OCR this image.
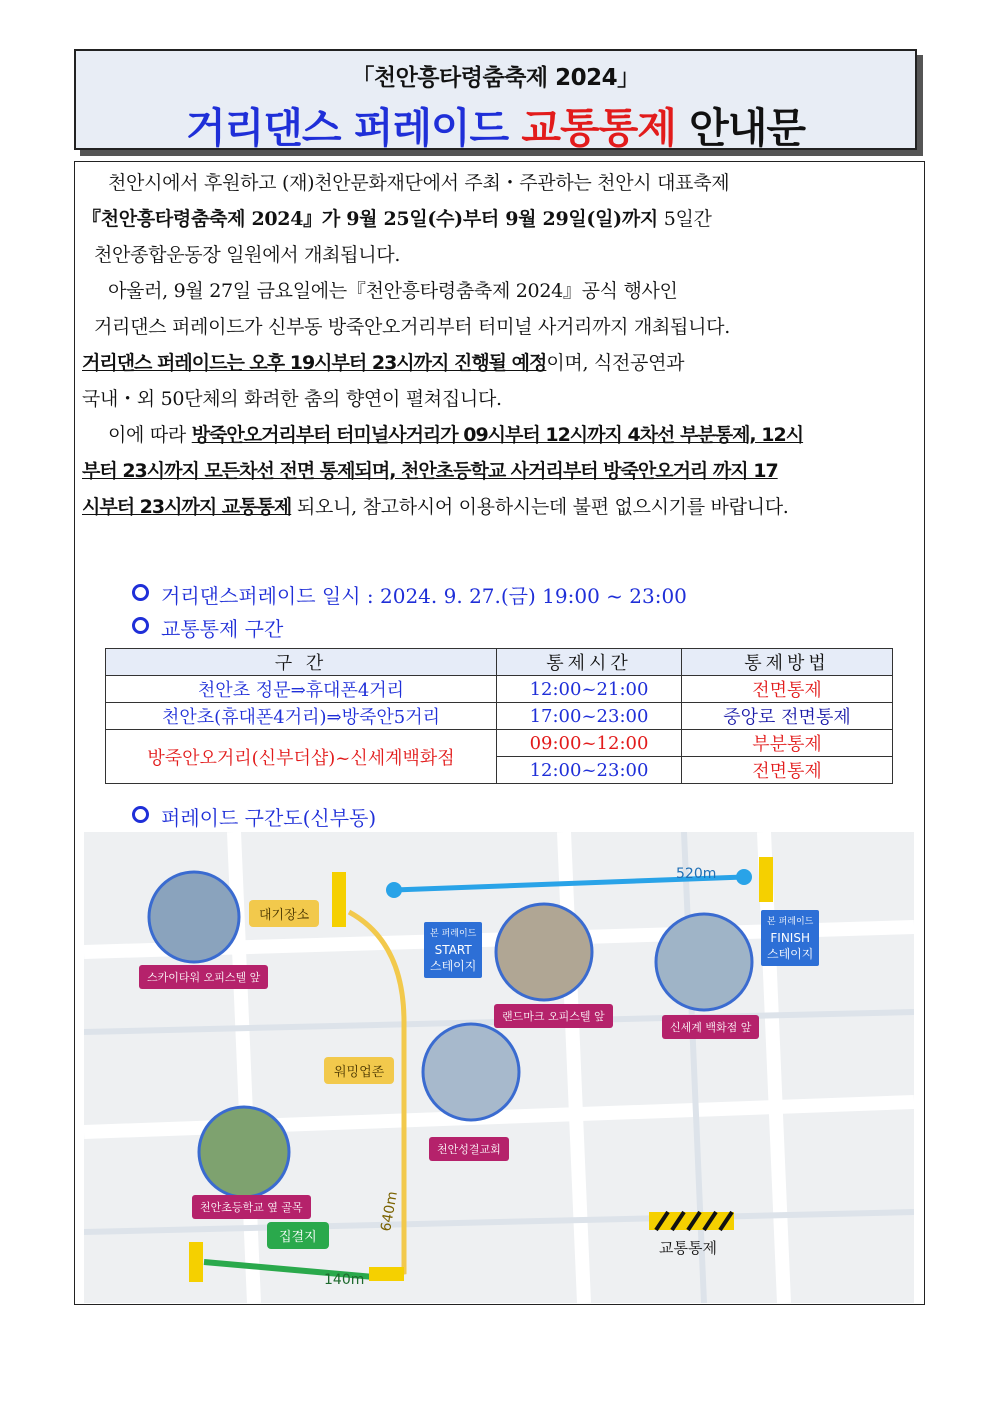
「천안흥타령춤축제 2024」
거리댄스 퍼레이드 교통통제 안내문
천안시에서 후원하고 (재)천안문화재단에서 주최・주관하는 천안시 대표축제
『천안흥타령춤축제 2024』가 9월 25일(수)부터 9월 29일(일)까지 5일간
천안종합운동장 일원에서 개최됩니다.
아울러, 9월 27일 금요일에는『천안흥타령춤축제 2024』공식 행사인
거리댄스 퍼레이드가 신부동 방죽안오거리부터 터미널 사거리까지 개최됩니다.
거리댄스 퍼레이드는 오후 19시부터 23시까지 진행될 예정이며, 식전공연과
국내・외 50단체의 화려한 춤의 향연이 펼쳐집니다.
이에 따라 방죽안오거리부터 터미널사거리가 09시부터 12시까지 4차선 부분통제, 12시
부터 23시까지 모든차선 전면 통제되며, 천안초등학교 사거리부터 방죽안오거리 까지 17
시부터 23시까지 교통통제 되오니, 참고하시어 이용하시는데 불편 없으시기를 바랍니다.
거리댄스퍼레이드 일시 : 2024. 9. 27.(금) 19:00 ~ 23:00
교통통제 구간
구 간	통제시간	통제방법
천안초 정문⇒휴대폰4거리	12:00~21:00	전면통제
천안초(휴대폰4거리)⇒방죽안5거리	17:00~23:00	중앙로 전면통제
방죽안오거리(신부더샵)~신세계백화점	09:00~12:00	부분통제
	12:00~23:00	전면통제
퍼레이드 구간도(신부동)
520m
640m
140m
대기장소
워밍업존
집결지
본 퍼레이드
START
스테이지
본 퍼레이드
FINISH
스테이지
스카이타워 오피스텔 앞
랜드마크 오피스텔 앞
신세계 백화점 앞
천안성결교회
천안초등학교 옆 골목
교통통제
